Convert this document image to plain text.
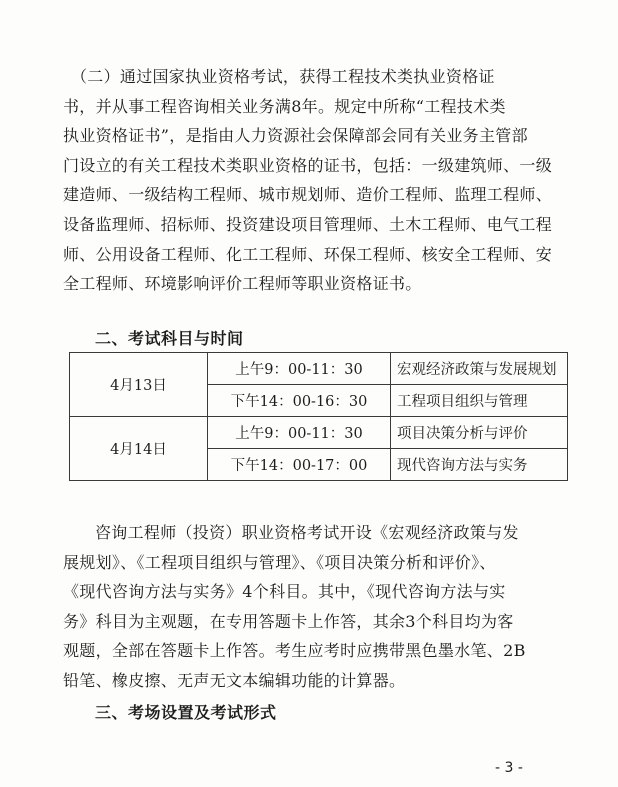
（二）通过国家执业资格考试，获得工程技术类执业资格证
书，并从事工程咨询相关业务满8年。规定中所称“工程技术类
执业资格证书”，是指由人力资源社会保障部会同有关业务主管部
门设立的有关工程技术类职业资格的证书，包括：一级建筑师、一级
建造师、一级结构工程师、城市规划师、造价工程师、监理工程师、
设备监理师、招标师、投资建设项目管理师、土木工程师、电气工程
师、公用设备工程师、化工工程师、环保工程师、核安全工程师、安
全工程师、环境影响评价工程师等职业资格证书。
二、考试科目与时间
4月13日	上午9：00-11：30	宏观经济政策与发展规划
	下午14：00-16：30	工程项目组织与管理
4月14日	上午9：00-11：30	项目决策分析与评价
	下午14：00-17：00	现代咨询方法与实务
咨询工程师（投资）职业资格考试开设《宏观经济政策与发
展规划》、《工程项目组织与管理》、《项目决策分析和评价》、
《现代咨询方法与实务》4个科目。其中，《现代咨询方法与实
务》科目为主观题，在专用答题卡上作答，其余3个科目均为客
观题，全部在答题卡上作答。考生应考时应携带黑色墨水笔、2B
铅笔、橡皮擦、无声无文本编辑功能的计算器。
三、考场设置及考试形式
- 3 -
